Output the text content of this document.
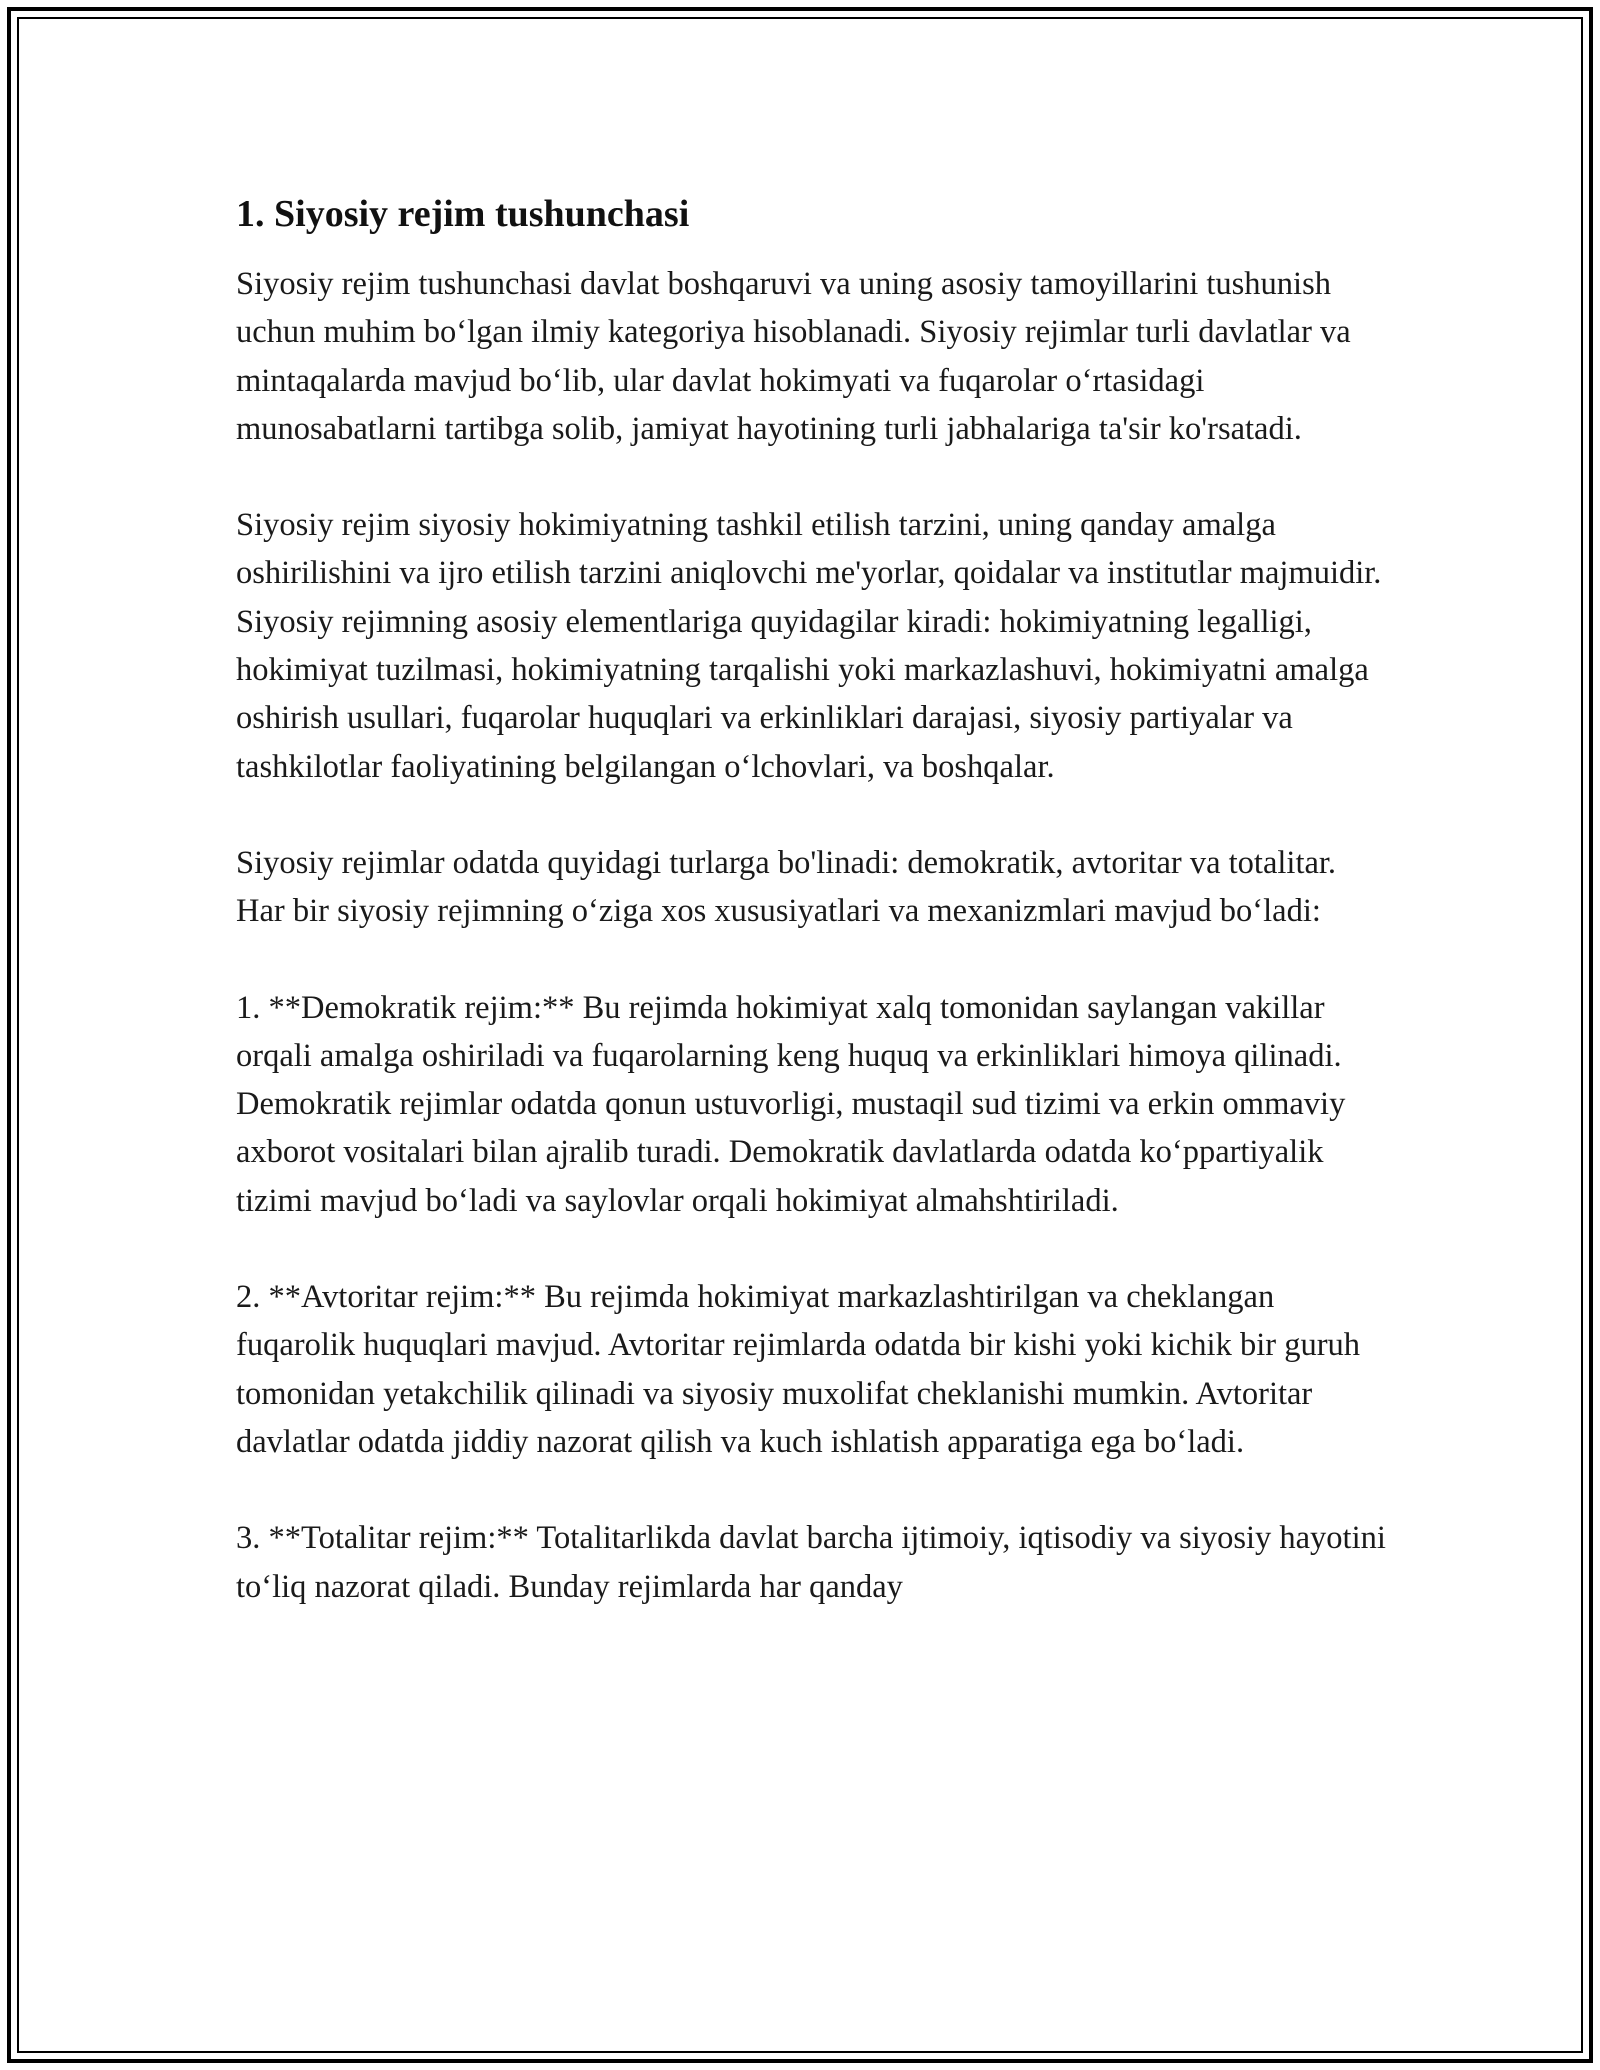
1. Siyosiy rejim tushunchasi

Siyosiy rejim tushunchasi davlat boshqaruvi va uning asosiy tamoyillarini tushunish uchun muhim bo‘lgan ilmiy kategoriya hisoblanadi. Siyosiy rejimlar turli davlatlar va mintaqalarda mavjud bo‘lib, ular davlat hokimyati va fuqarolar o‘rtasidagi munosabatlarni tartibga solib, jamiyat hayotining turli jabhalariga ta'sir ko'rsatadi.

Siyosiy rejim siyosiy hokimiyatning tashkil etilish tarzini, uning qanday amalga oshirilishini va ijro etilish tarzini aniqlovchi me'yorlar, qoidalar va institutlar majmuidir. Siyosiy rejimning asosiy elementlariga quyidagilar kiradi: hokimiyatning legalligi, hokimiyat tuzilmasi, hokimiyatning tarqalishi yoki markazlashuvi, hokimiyatni amalga oshirish usullari, fuqarolar huquqlari va erkinliklari darajasi, siyosiy partiyalar va tashkilotlar faoliyatining belgilangan o‘lchovlari, va boshqalar.

Siyosiy rejimlar odatda quyidagi turlarga bo'linadi: demokratik, avtoritar va totalitar. Har bir siyosiy rejimning o‘ziga xos xususiyatlari va mexanizmlari mavjud bo‘ladi:

1. **Demokratik rejim:** Bu rejimda hokimiyat xalq tomonidan saylangan vakillar orqali amalga oshiriladi va fuqarolarning keng huquq va erkinliklari himoya qilinadi. Demokratik rejimlar odatda qonun ustuvorligi, mustaqil sud tizimi va erkin ommaviy axborot vositalari bilan ajralib turadi. Demokratik davlatlarda odatda ko‘ppartiyalik tizimi mavjud bo‘ladi va saylovlar orqali hokimiyat almahshtiriladi.

2. **Avtoritar rejim:** Bu rejimda hokimiyat markazlashtirilgan va cheklangan fuqarolik huquqlari mavjud. Avtoritar rejimlarda odatda bir kishi yoki kichik bir guruh tomonidan yetakchilik qilinadi va siyosiy muxolifat cheklanishi mumkin. Avtoritar davlatlar odatda jiddiy nazorat qilish va kuch ishlatish apparatiga ega bo‘ladi.

3. **Totalitar rejim:** Totalitarlikda davlat barcha ijtimoiy, iqtisodiy va siyosiy hayotini to‘liq nazorat qiladi. Bunday rejimlarda har qanday
